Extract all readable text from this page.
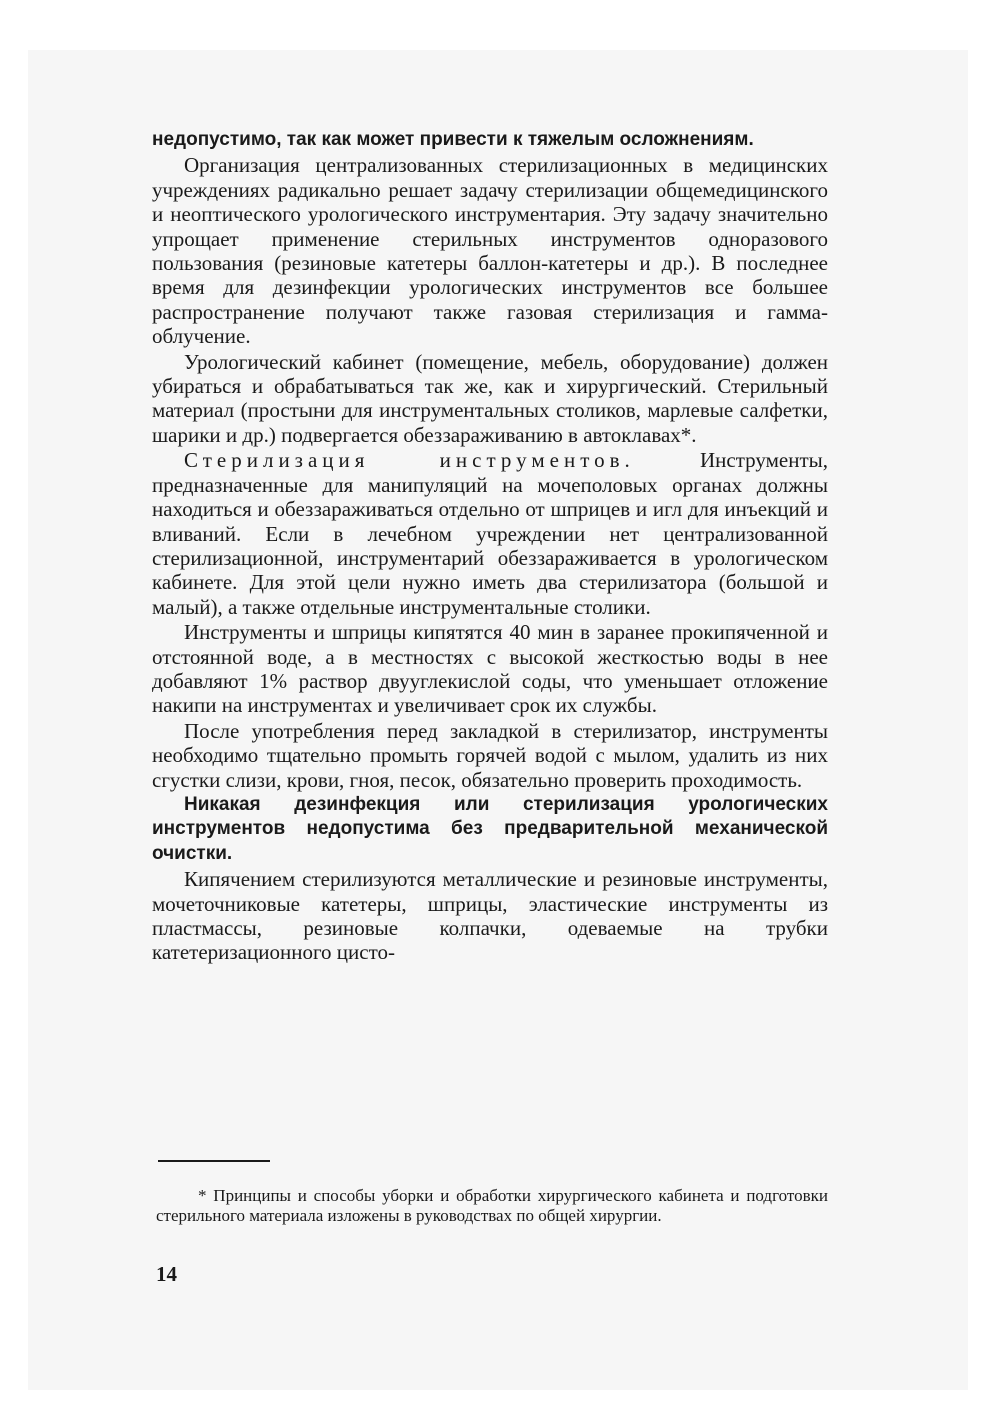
недопустимо, так как может привести к тяжелым осложнениям.

Организация централизованных стерилизационных в медицинских учреждениях радикально решает задачу стерилизации общемедицинского и неоптического урологического инструментария. Эту задачу значительно упрощает применение стерильных инструментов одноразового пользования (резиновые катетеры баллон-катетеры и др.). В последнее время для дезинфекции урологических инструментов все большее распространение получают также газовая стерилизация и гамма-облучение.

Урологический кабинет (помещение, мебель, оборудование) должен убираться и обрабатываться так же, как и хирургический. Стерильный материал (простыни для инструментальных столиков, марлевые салфетки, шарики и др.) подвергается обеззараживанию в автоклавах*.

Стерилизация инструментов.	Инструменты, предназначенные для манипуляций на мочеполовых органах должны находиться и обеззараживаться отдельно от шприцев и игл для инъекций и вливаний. Если в лечебном учреждении нет централизованной стерилизационной, инструментарий обеззараживается в урологическом кабинете. Для этой цели нужно иметь два стерилизатора (большой и малый), а также отдельные инструментальные столики.

Инструменты и шприцы кипятятся 40 мин в заранее прокипяченной и отстоянной воде, а в местностях с высокой жесткостью воды в нее добавляют 1% раствор двууглекислой соды, что уменьшает отложение накипи на инструментах и увеличивает срок их службы.

После употребления перед закладкой в стерилизатор, инструменты необходимо тщательно промыть горячей водой с мылом, удалить из них сгустки слизи, крови, гноя, песок, обязательно проверить проходимость.

Никакая дезинфекция или стерилизация урологических инструментов недопустима без предварительной механической очистки.

Кипячением стерилизуются металлические и резиновые инструменты, мочеточниковые катетеры, шприцы, эластические инструменты из пластмассы, резиновые колпачки, одеваемые на трубки катетеризационного цисто-

* Принципы и способы уборки и обработки хирургического кабинета и подготовки стерильного материала изложены в руководствах по общей хирургии.

14
